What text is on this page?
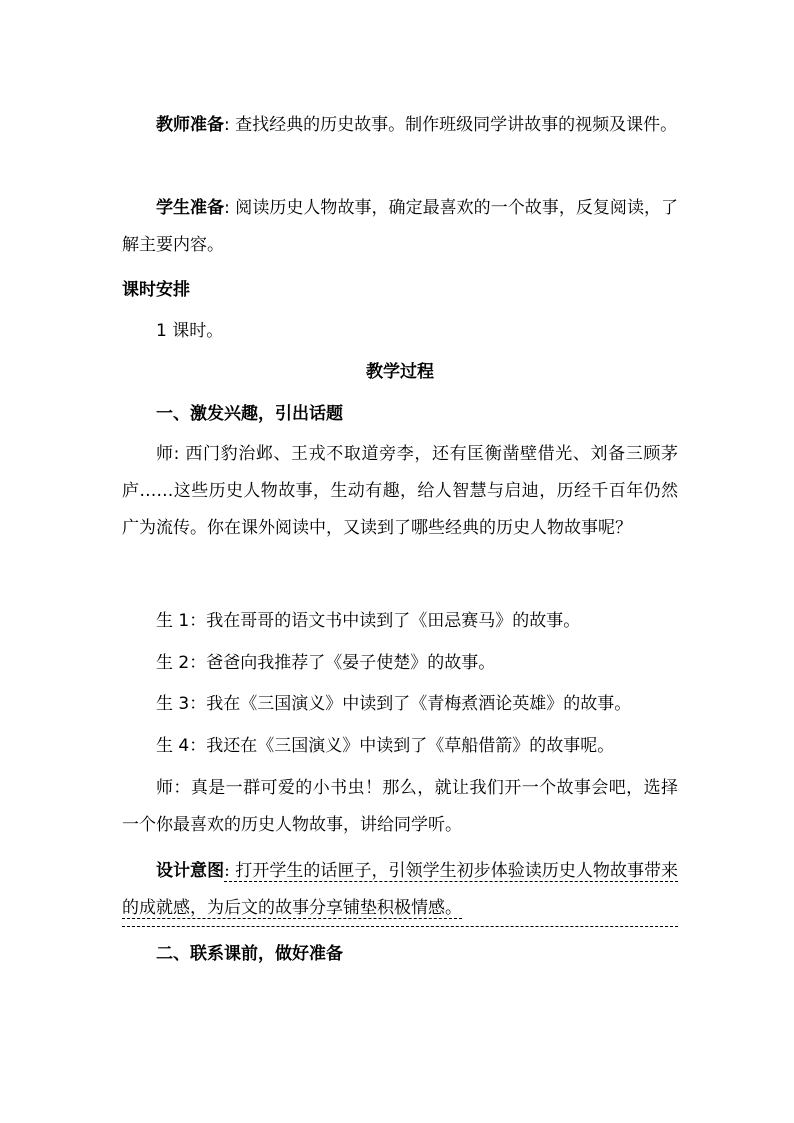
教师准备: 查找经典的历史故事。制作班级同学讲故事的视频及课件。

学生准备: 阅读历史人物故事，确定最喜欢的一个故事，反复阅读，了解主要内容。

课时安排

1 课时。

教学过程

一、激发兴趣，引出话题

师: 西门豹治邺、王戎不取道旁李，还有匡衡凿壁借光、刘备三顾茅庐……这些历史人物故事，生动有趣，给人智慧与启迪，历经千百年仍然广为流传。你在课外阅读中，又读到了哪些经典的历史人物故事呢？

生 1：我在哥哥的语文书中读到了《田忌赛马》的故事。

生 2：爸爸向我推荐了《晏子使楚》的故事。

生 3：我在《三国演义》中读到了《青梅煮酒论英雄》的故事。

生 4：我还在《三国演义》中读到了《草船借箭》的故事呢。

师：真是一群可爱的小书虫！那么，就让我们开一个故事会吧，选择一个你最喜欢的历史人物故事，讲给同学听。

设计意图: 打开学生的话匣子，引领学生初步体验读历史人物故事带来的成就感，为后文的故事分享铺垫积极情感。

二、联系课前，做好准备
